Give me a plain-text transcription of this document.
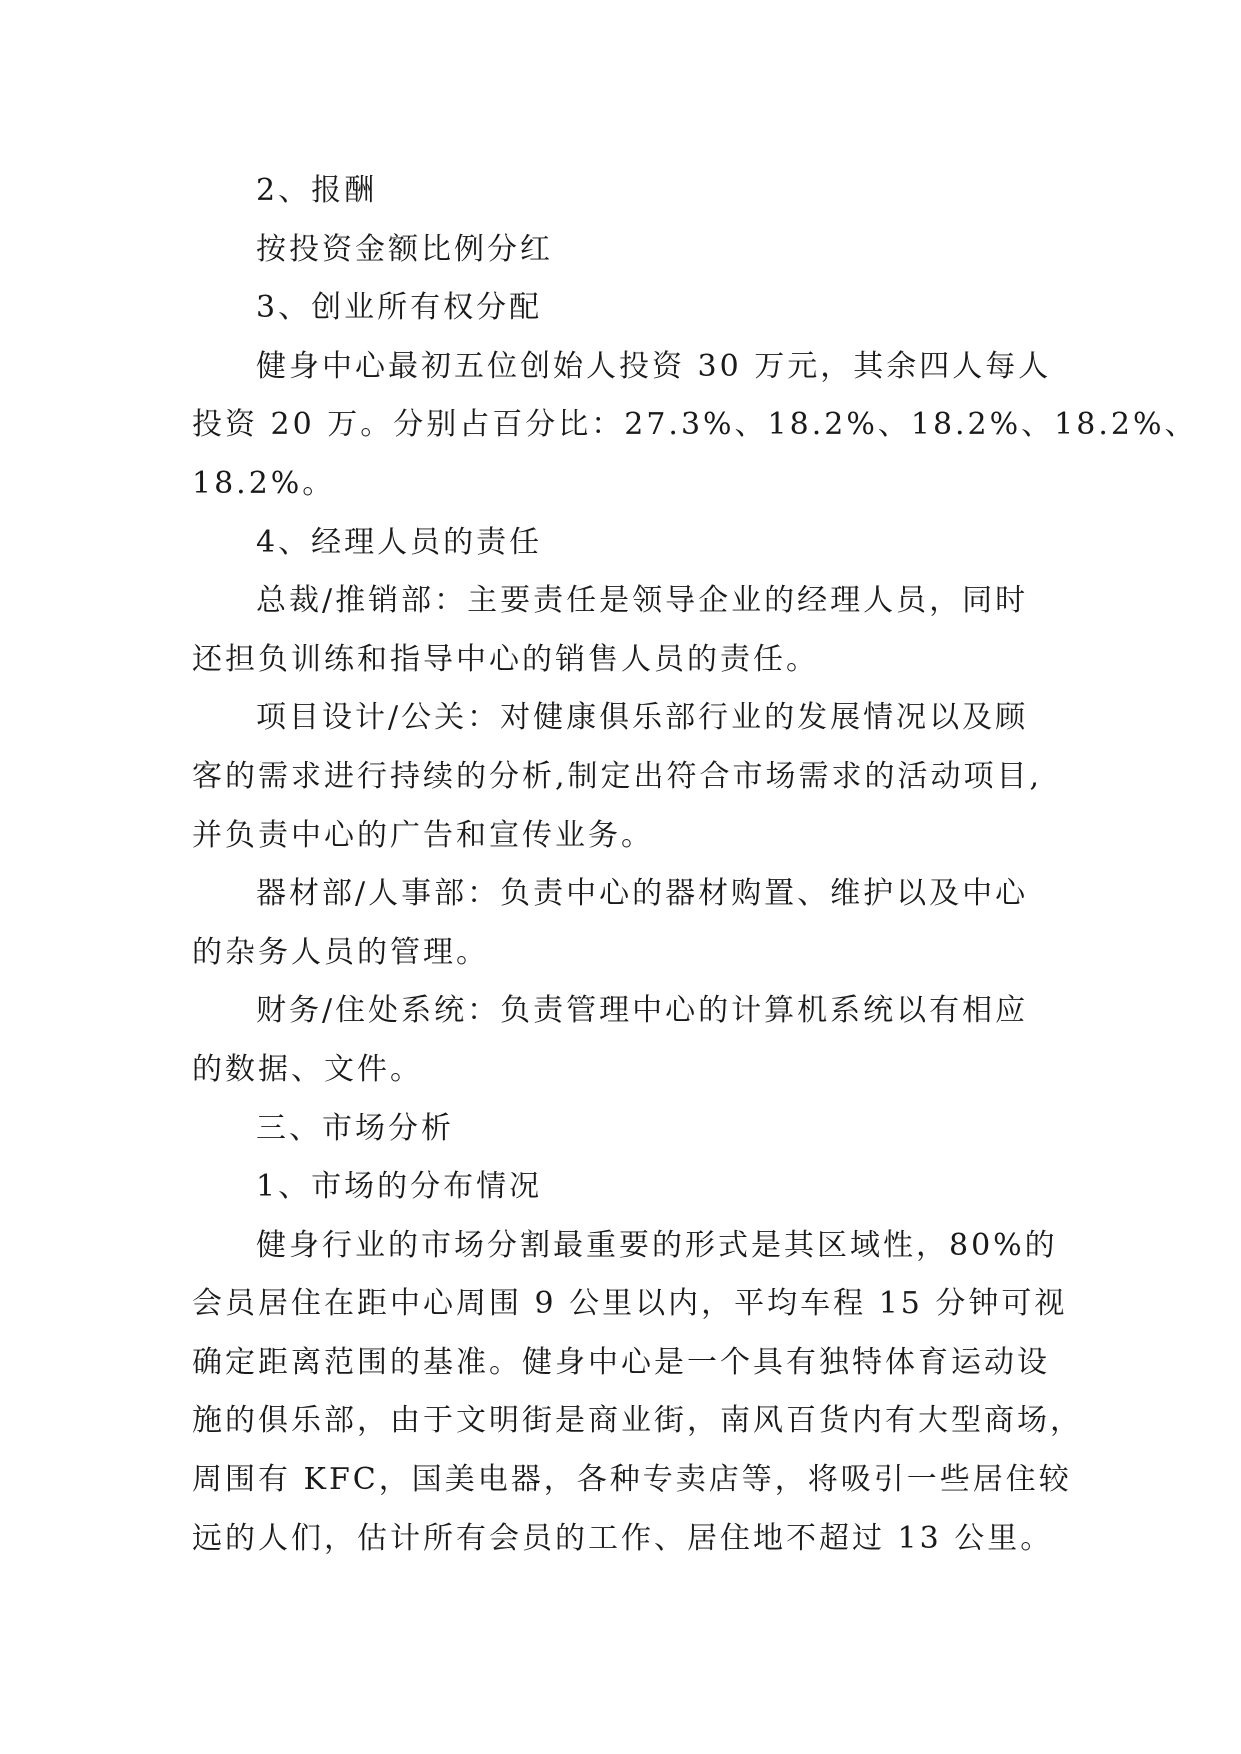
2、报酬
按投资金额比例分红
3、创业所有权分配
健身中心最初五位创始人投资 30 万元，其余四人每人
投资 20 万。分别占百分比：27.3%、18.2%、18.2%、18.2%、
18.2%。
4、经理人员的责任
总裁/推销部：主要责任是领导企业的经理人员，同时
还担负训练和指导中心的销售人员的责任。
项目设计/公关：对健康俱乐部行业的发展情况以及顾
客的需求进行持续的分析,制定出符合市场需求的活动项目,
并负责中心的广告和宣传业务。
器材部/人事部：负责中心的器材购置、维护以及中心
的杂务人员的管理。
财务/住处系统：负责管理中心的计算机系统以有相应
的数据、文件。
三、市场分析
1、市场的分布情况
健身行业的市场分割最重要的形式是其区域性，80%的
会员居住在距中心周围 9 公里以内，平均车程 15 分钟可视
确定距离范围的基准。健身中心是一个具有独特体育运动设
施的俱乐部，由于文明街是商业街，南风百货内有大型商场，
周围有 KFC，国美电器，各种专卖店等，将吸引一些居住较
远的人们，估计所有会员的工作、居住地不超过 13 公里。
